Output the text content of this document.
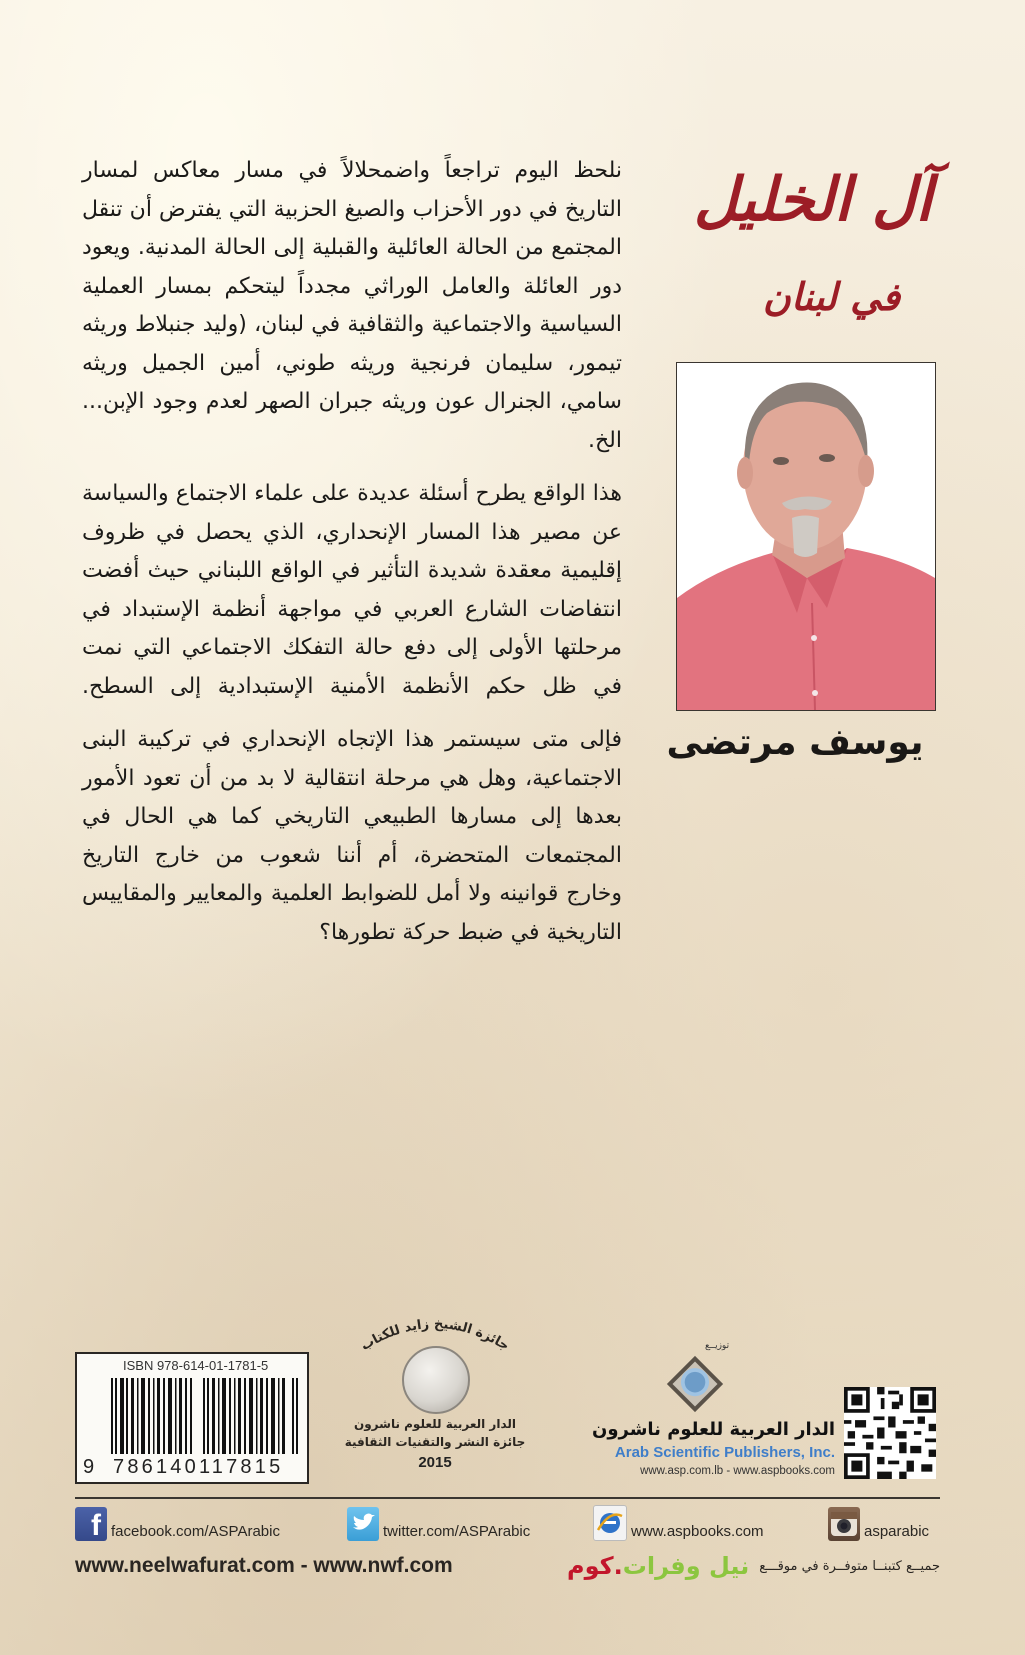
نلحظ اليوم تراجعاً واضمحلالاً في مسار معاكس لمسار التاريخ في دور الأحزاب والصيغ الحزبية التي يفترض أن تنقل المجتمع من الحالة العائلية والقبلية إلى الحالة المدنية. ويعود دور العائلة والعامل الوراثي مجدداً ليتحكم بمسار العملية السياسية والاجتماعية والثقافية في لبنان، (وليد جنبلاط وريثه تيمور، سليمان فرنجية وريثه طوني، أمين الجميل وريثه سامي، الجنرال عون وريثه جبران الصهر لعدم وجود الإبن... الخ.

هذا الواقع يطرح أسئلة عديدة على علماء الاجتماع والسياسة عن مصير هذا المسار الإنحداري، الذي يحصل في ظروف إقليمية معقدة شديدة التأثير في الواقع اللبناني حيث أفضت انتفاضات الشارع العربي في مواجهة أنظمة الإستبداد في مرحلتها الأولى إلى دفع حالة التفكك الاجتماعي التي نمت في ظل حكم الأنظمة الأمنية الإستبدادية إلى السطح.

فإلى متى سيستمر هذا الإتجاه الإنحداري في تركيبة البنى الاجتماعية، وهل هي مرحلة انتقالية لا بد من أن تعود الأمور بعدها إلى مسارها الطبيعي التاريخي كما هي الحال في المجتمعات المتحضرة، أم أننا شعوب من خارج التاريخ وخارج قوانينه ولا أمل للضوابط العلمية والمعايير والمقاييس التاريخية في ضبط حركة تطورها؟

آل الخليل
في لبنان
يوسف مرتضى
ISBN 978-614-01-1781-5
9 786140117815
جائزة الشيخ زايد للكتاب
الدار العربية للعلوم ناشرون
جائزة النشر والتقنيات الثقافية
2015
توزيــع
الدار العربية للعلوم ناشرون
Arab Scientific Publishers, Inc.
www.asp.com.lb - www.aspbooks.com
f facebook.com/ASPArabic	twitter.com/ASPArabic	www.aspbooks.com	asparabic
www.neelwafurat.com - www.nwf.com	جميــع كتبنــا متوفــرة في موقـــع
نيل وفرات.كوم
